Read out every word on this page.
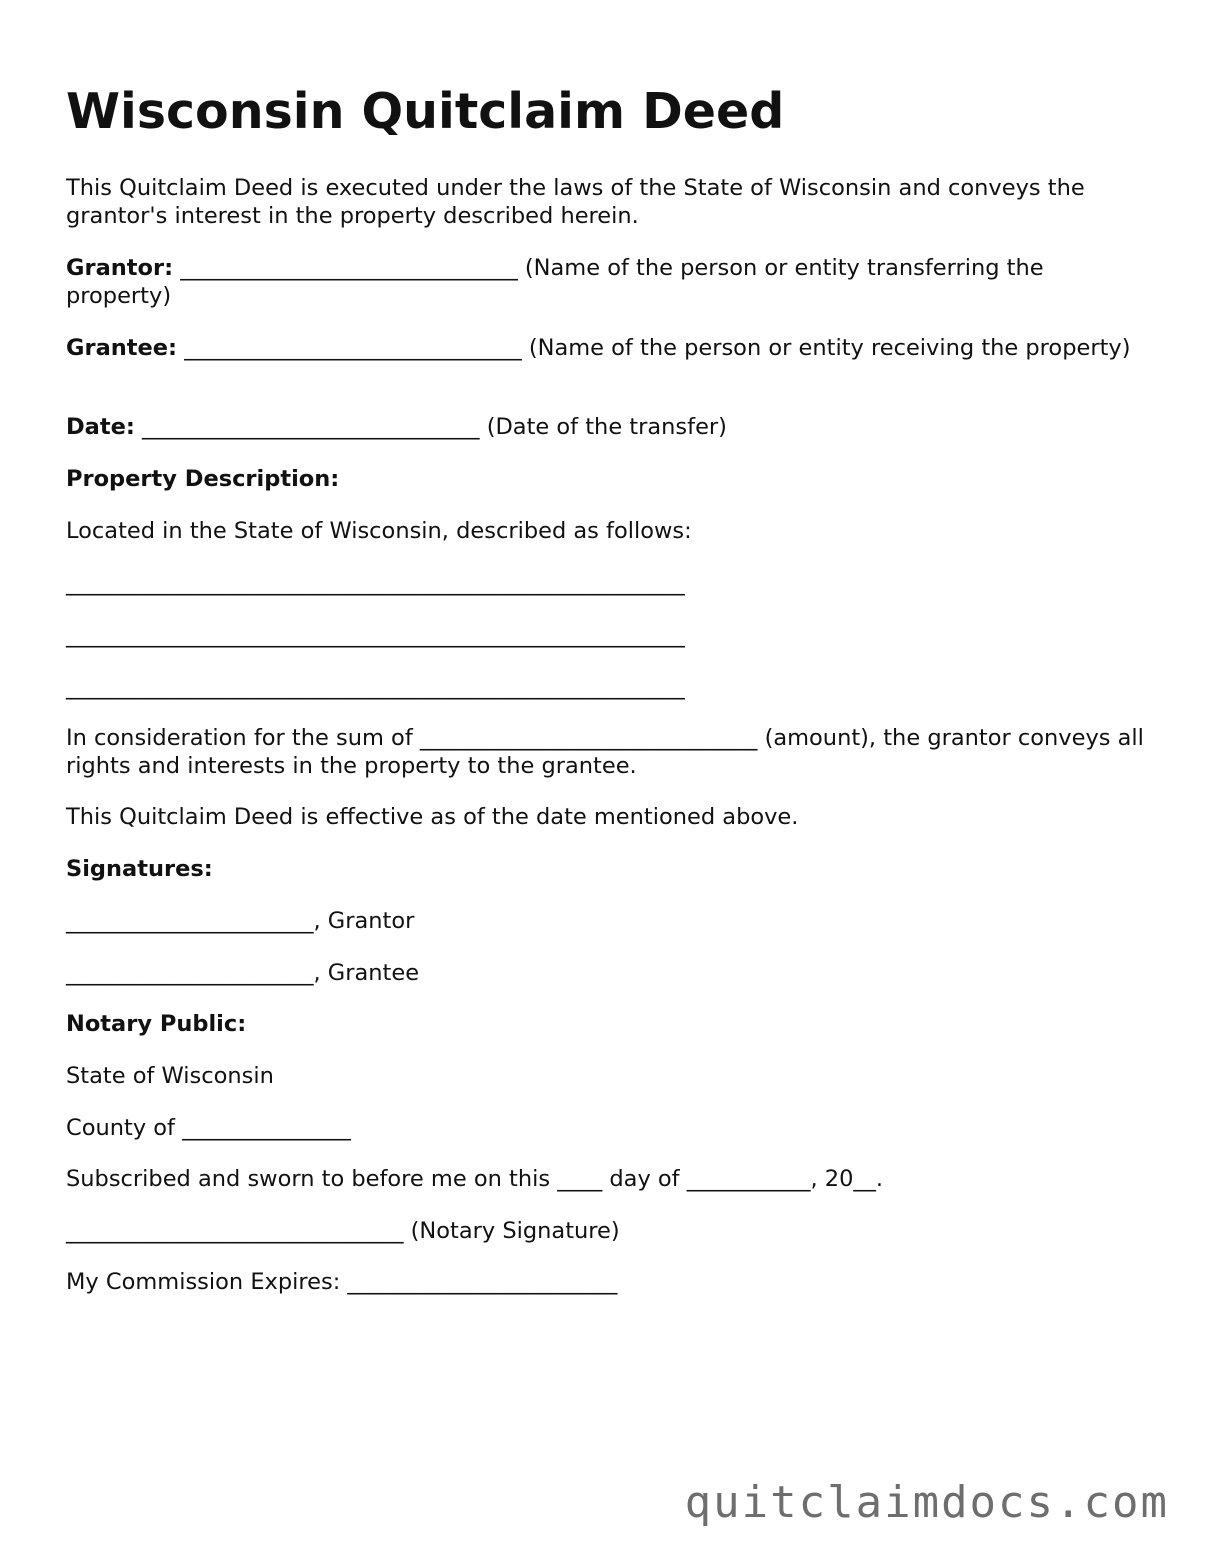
Wisconsin Quitclaim Deed

This Quitclaim Deed is executed under the laws of the State of Wisconsin and conveys the grantor's interest in the property described herein.

Grantor: ______________________________ (Name of the person or entity transferring the property)

Grantee: ______________________________ (Name of the person or entity receiving the property)

Date: ______________________________ (Date of the transfer)

Property Description:

Located in the State of Wisconsin, described as follows:

_______________________________________________________

_______________________________________________________

_______________________________________________________

In consideration for the sum of ______________________________ (amount), the grantor conveys all rights and interests in the property to the grantee.

This Quitclaim Deed is effective as of the date mentioned above.

Signatures:

______________________, Grantor

______________________, Grantee

Notary Public:

State of Wisconsin

County of _______________

Subscribed and sworn to before me on this ____ day of ___________, 20__.

______________________________ (Notary Signature)

My Commission Expires: ________________________

quitclaimdocs.com
